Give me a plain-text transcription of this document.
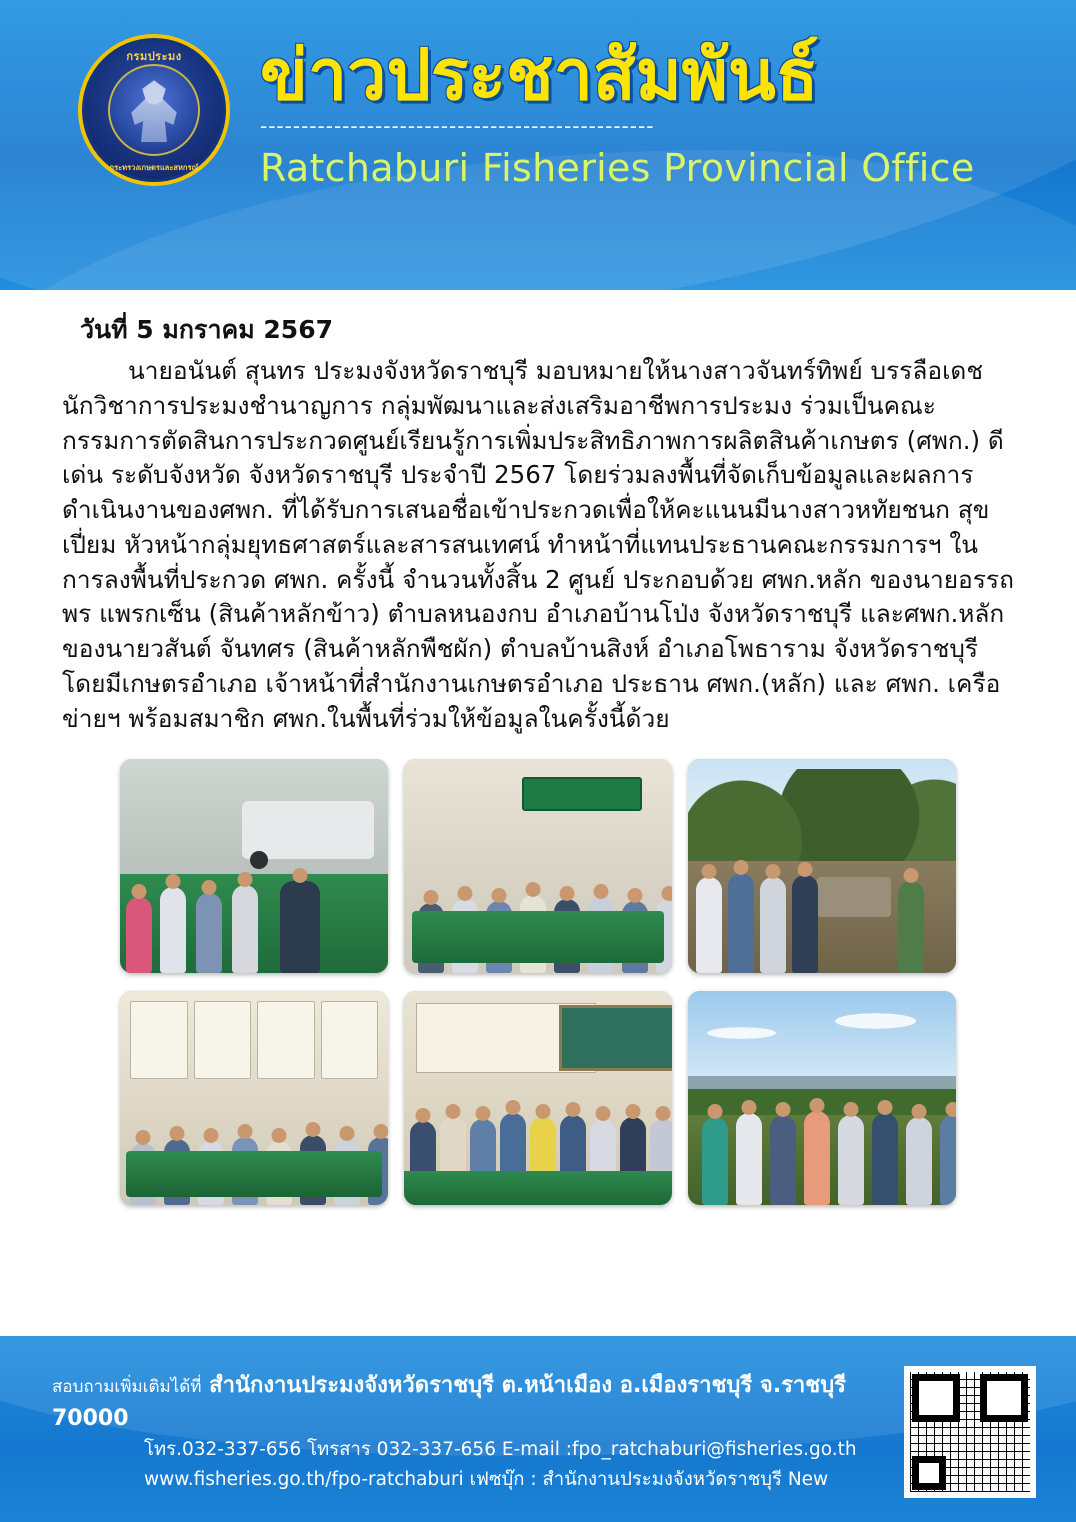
กรมประมง
กระทรวงเกษตรและสหกรณ์
ข่าวประชาสัมพันธ์
------------------------------------------------
Ratchaburi Fisheries Provincial Office
วันที่ 5 มกราคม 2567

นายอนันต์ สุนทร ประมงจังหวัดราชบุรี มอบหมายให้นางสาวจันทร์ทิพย์ บรรลือเดช นักวิชาการประมงชำนาญการ กลุ่มพัฒนาและส่งเสริมอาชีพการประมง ร่วมเป็นคณะกรรมการตัดสินการประกวดศูนย์เรียนรู้การเพิ่มประสิทธิภาพการผลิตสินค้าเกษตร (ศพก.) ดีเด่น ระดับจังหวัด จังหวัดราชบุรี ประจำปี 2567 โดยร่วมลงพื้นที่จัดเก็บข้อมูลและผลการดำเนินงานของศพก. ที่ได้รับการเสนอชื่อเข้าประกวดเพื่อให้คะแนนมีนางสาวหทัยชนก สุขเปี่ยม หัวหน้ากลุ่มยุทธศาสตร์และสารสนเทศน์ ทำหน้าที่แทนประธานคณะกรรมการฯ ในการลงพื้นที่ประกวด ศพก. ครั้งนี้ จำนวนทั้งสิ้น 2 ศูนย์ ประกอบด้วย ศพก.หลัก ของนายอรรถพร แพรกเซ็น (สินค้าหลักข้าว) ตำบลหนองกบ อำเภอบ้านโป่ง จังหวัดราชบุรี และศพก.หลัก ของนายวสันต์ จันทศร (สินค้าหลักพืชผัก) ตำบลบ้านสิงห์ อำเภอโพธาราม จังหวัดราชบุรี โดยมีเกษตรอำเภอ เจ้าหน้าที่สำนักงานเกษตรอำเภอ ประธาน ศพก.(หลัก) และ ศพก. เครือข่ายฯ พร้อมสมาชิก ศพก.ในพื้นที่ร่วมให้ข้อมูลในครั้งนี้ด้วย

สอบถามเพิ่มเติมได้ที่ สำนักงานประมงจังหวัดราชบุรี ต.หน้าเมือง อ.เมืองราชบุรี จ.ราชบุรี 70000
โทร.032-337-656 โทรสาร 032-337-656 E-mail :fpo_ratchaburi@fisheries.go.th
www.fisheries.go.th/fpo-ratchaburi เฟซบุ๊ก : สำนักงานประมงจังหวัดราชบุรี New
